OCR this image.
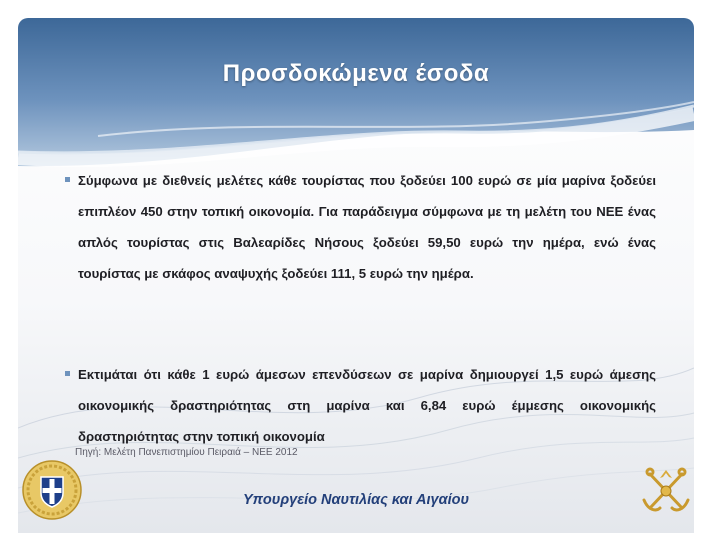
Προσδοκώμενα έσοδα
Σύμφωνα με διεθνείς μελέτες κάθε τουρίστας που ξοδεύει 100 ευρώ σε μία μαρίνα ξοδεύει επιπλέον 450 στην τοπική οικονομία. Για παράδειγμα σύμφωνα με τη μελέτη του ΝΕΕ ένας απλός τουρίστας στις Βαλεαρίδες Νήσους ξοδεύει 59,50 ευρώ την ημέρα, ενώ ένας τουρίστας με σκάφος αναψυχής ξοδεύει 111, 5 ευρώ την ημέρα.
Εκτιμάται ότι κάθε 1 ευρώ άμεσων επενδύσεων σε μαρίνα δημιουργεί 1,5 ευρώ άμεσης οικονομικής δραστηριότητας στη μαρίνα και 6,84 ευρώ έμμεσης οικονομικής δραστηριότητας στην τοπική οικονομία
Πηγή: Μελέτη Πανεπιστημίου Πειραιά – ΝΕΕ 2012
Υπουργείο Ναυτιλίας και Αιγαίου
